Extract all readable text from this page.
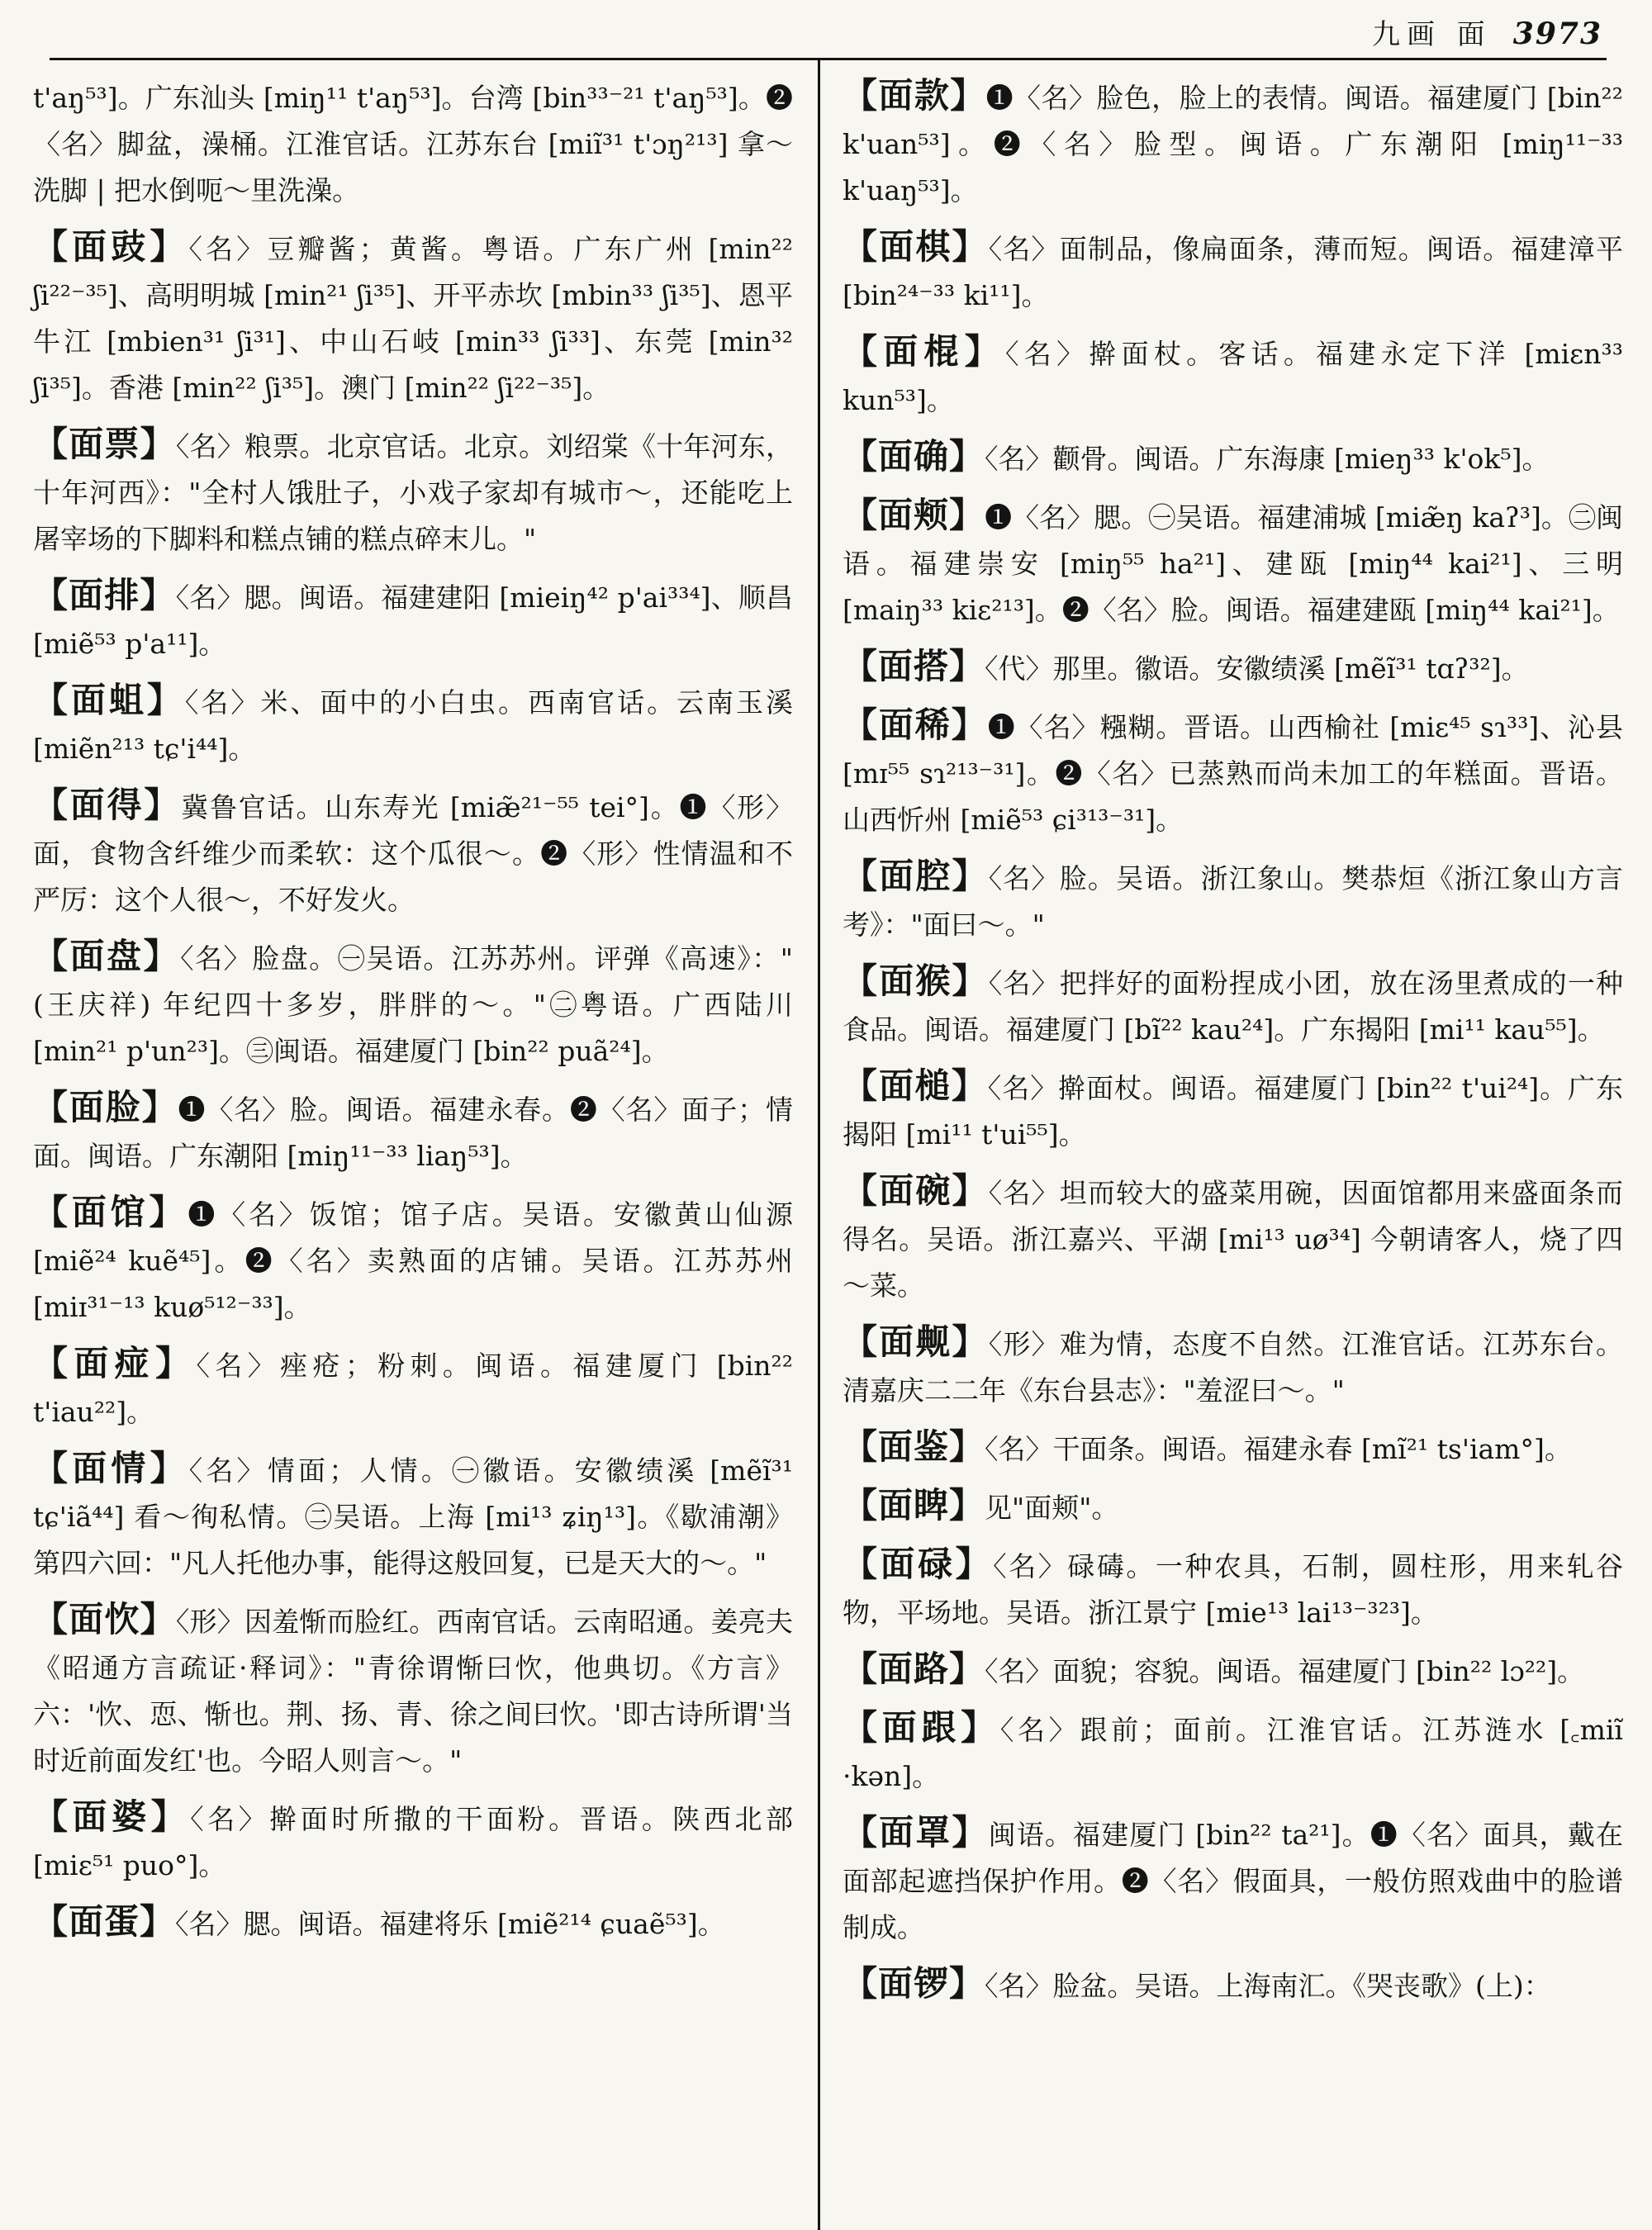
九画 面 3973
t'aŋ⁵³]。广东汕头 [miŋ¹¹ t'aŋ⁵³]。台湾 [bin³³⁻²¹ t'aŋ⁵³]。❷〈名〉脚盆，澡桶。江淮官话。江苏东台 [miĩ³¹ t'ɔŋ²¹³] 拿～洗脚 | 把水倒呃～里洗澡。
【面豉】〈名〉豆瓣酱；黄酱。粤语。广东广州 [min²² ʃi²²⁻³⁵]、高明明城 [min²¹ ʃi³⁵]、开平赤坎 [mbin³³ ʃi³⁵]、恩平牛江 [mbien³¹ ʃi³¹]、中山石岐 [min³³ ʃi³³]、东莞 [min³² ʃi³⁵]。香港 [min²² ʃi³⁵]。澳门 [min²² ʃi²²⁻³⁵]。
【面票】〈名〉粮票。北京官话。北京。刘绍棠《十年河东，十年河西》："全村人饿肚子，小戏子家却有城市～，还能吃上屠宰场的下脚料和糕点铺的糕点碎末儿。"
【面排】〈名〉腮。闽语。福建建阳 [mieiŋ⁴² p'ai³³⁴]、顺昌 [miẽ⁵³ p'a¹¹]。
【面蛆】〈名〉米、面中的小白虫。西南官话。云南玉溪 [miẽn²¹³ tɕ'i⁴⁴]。
【面得】冀鲁官话。山东寿光 [miæ̃²¹⁻⁵⁵ tei°]。❶〈形〉面，食物含纤维少而柔软：这个瓜很～。❷〈形〉性情温和不严厉：这个人很～，不好发火。
【面盘】〈名〉脸盘。㊀吴语。江苏苏州。评弹《高速》："(王庆祥) 年纪四十多岁，胖胖的～。"㊁粤语。广西陆川 [min²¹ p'un²³]。㊂闽语。福建厦门 [bin²² puã²⁴]。
【面脸】❶〈名〉脸。闽语。福建永春。❷〈名〉面子；情面。闽语。广东潮阳 [miŋ¹¹⁻³³ liaŋ⁵³]。
【面馆】❶〈名〉饭馆；馆子店。吴语。安徽黄山仙源 [miẽ²⁴ kuẽ⁴⁵]。❷〈名〉卖熟面的店铺。吴语。江苏苏州 [miɪ³¹⁻¹³ kuø⁵¹²⁻³³]。
【面痖】〈名〉痤疮；粉刺。闽语。福建厦门 [bin²² t'iau²²]。
【面情】〈名〉情面；人情。㊀徽语。安徽绩溪 [mẽĩ³¹ tɕ'iã⁴⁴] 看～徇私情。㊁吴语。上海 [mi¹³ ʑiŋ¹³]。《歇浦潮》第四六回："凡人托他办事，能得这般回复，已是天大的～。"
【面忺】〈形〉因羞惭而脸红。西南官话。云南昭通。姜亮夫《昭通方言疏证·释词》："青徐谓惭曰忺，他典切。《方言》六：'忺、恧、惭也。荆、扬、青、徐之间曰忺。'即古诗所谓'当时近前面发红'也。今昭人则言～。"
【面婆】〈名〉擀面时所撒的干面粉。晋语。陕西北部 [miɛ⁵¹ puo°]。
【面蛋】〈名〉腮。闽语。福建将乐 [miẽ²¹⁴ ɕuaẽ⁵³]。
【面款】❶〈名〉脸色，脸上的表情。闽语。福建厦门 [bin²² k'uan⁵³]。❷〈名〉脸型。闽语。广东潮阳 [miŋ¹¹⁻³³ k'uaŋ⁵³]。
【面棋】〈名〉面制品，像扁面条，薄而短。闽语。福建漳平 [bin²⁴⁻³³ ki¹¹]。
【面棍】〈名〉擀面杖。客话。福建永定下洋 [miɛn³³ kun⁵³]。
【面确】〈名〉颧骨。闽语。广东海康 [mieŋ³³ k'ok⁵]。
【面颊】❶〈名〉腮。㊀吴语。福建浦城 [miæ̃ŋ kaʔ³]。㊁闽语。福建崇安 [miŋ⁵⁵ ha²¹]、建瓯 [miŋ⁴⁴ kai²¹]、三明 [maiŋ³³ kiɛ²¹³]。❷〈名〉脸。闽语。福建建瓯 [miŋ⁴⁴ kai²¹]。
【面搭】〈代〉那里。徽语。安徽绩溪 [mẽĩ³¹ tɑʔ³²]。
【面稀】❶〈名〉糨糊。晋语。山西榆社 [miɛ⁴⁵ sɿ³³]、沁县 [mɪ⁵⁵ sɿ²¹³⁻³¹]。❷〈名〉已蒸熟而尚未加工的年糕面。晋语。山西忻州 [miẽ⁵³ ɕi³¹³⁻³¹]。
【面腔】〈名〉脸。吴语。浙江象山。樊恭烜《浙江象山方言考》："面曰～。"
【面猴】〈名〉把拌好的面粉捏成小团，放在汤里煮成的一种食品。闽语。福建厦门 [bĩ²² kau²⁴]。广东揭阳 [mi¹¹ kau⁵⁵]。
【面槌】〈名〉擀面杖。闽语。福建厦门 [bin²² t'ui²⁴]。广东揭阳 [mi¹¹ t'ui⁵⁵]。
【面碗】〈名〉坦而较大的盛菜用碗，因面馆都用来盛面条而得名。吴语。浙江嘉兴、平湖 [mi¹³ uø³⁴] 今朝请客人，烧了四～菜。
【面觍】〈形〉难为情，态度不自然。江淮官话。江苏东台。清嘉庆二二年《东台县志》："羞涩曰～。"
【面鉴】〈名〉干面条。闽语。福建永春 [mĩ²¹ ts'iam°]。
【面睥】见"面颊"。
【面碌】〈名〉碌碡。一种农具，石制，圆柱形，用来轧谷物，平场地。吴语。浙江景宁 [mie¹³ lai¹³⁻³²³]。
【面路】〈名〉面貌；容貌。闽语。福建厦门 [bin²² lɔ²²]。
【面跟】〈名〉跟前；面前。江淮官话。江苏涟水 [꜀miĩ ·kən]。
【面罩】闽语。福建厦门 [bin²² ta²¹]。❶〈名〉面具，戴在面部起遮挡保护作用。❷〈名〉假面具，一般仿照戏曲中的脸谱制成。
【面锣】〈名〉脸盆。吴语。上海南汇。《哭丧歌》(上)：
